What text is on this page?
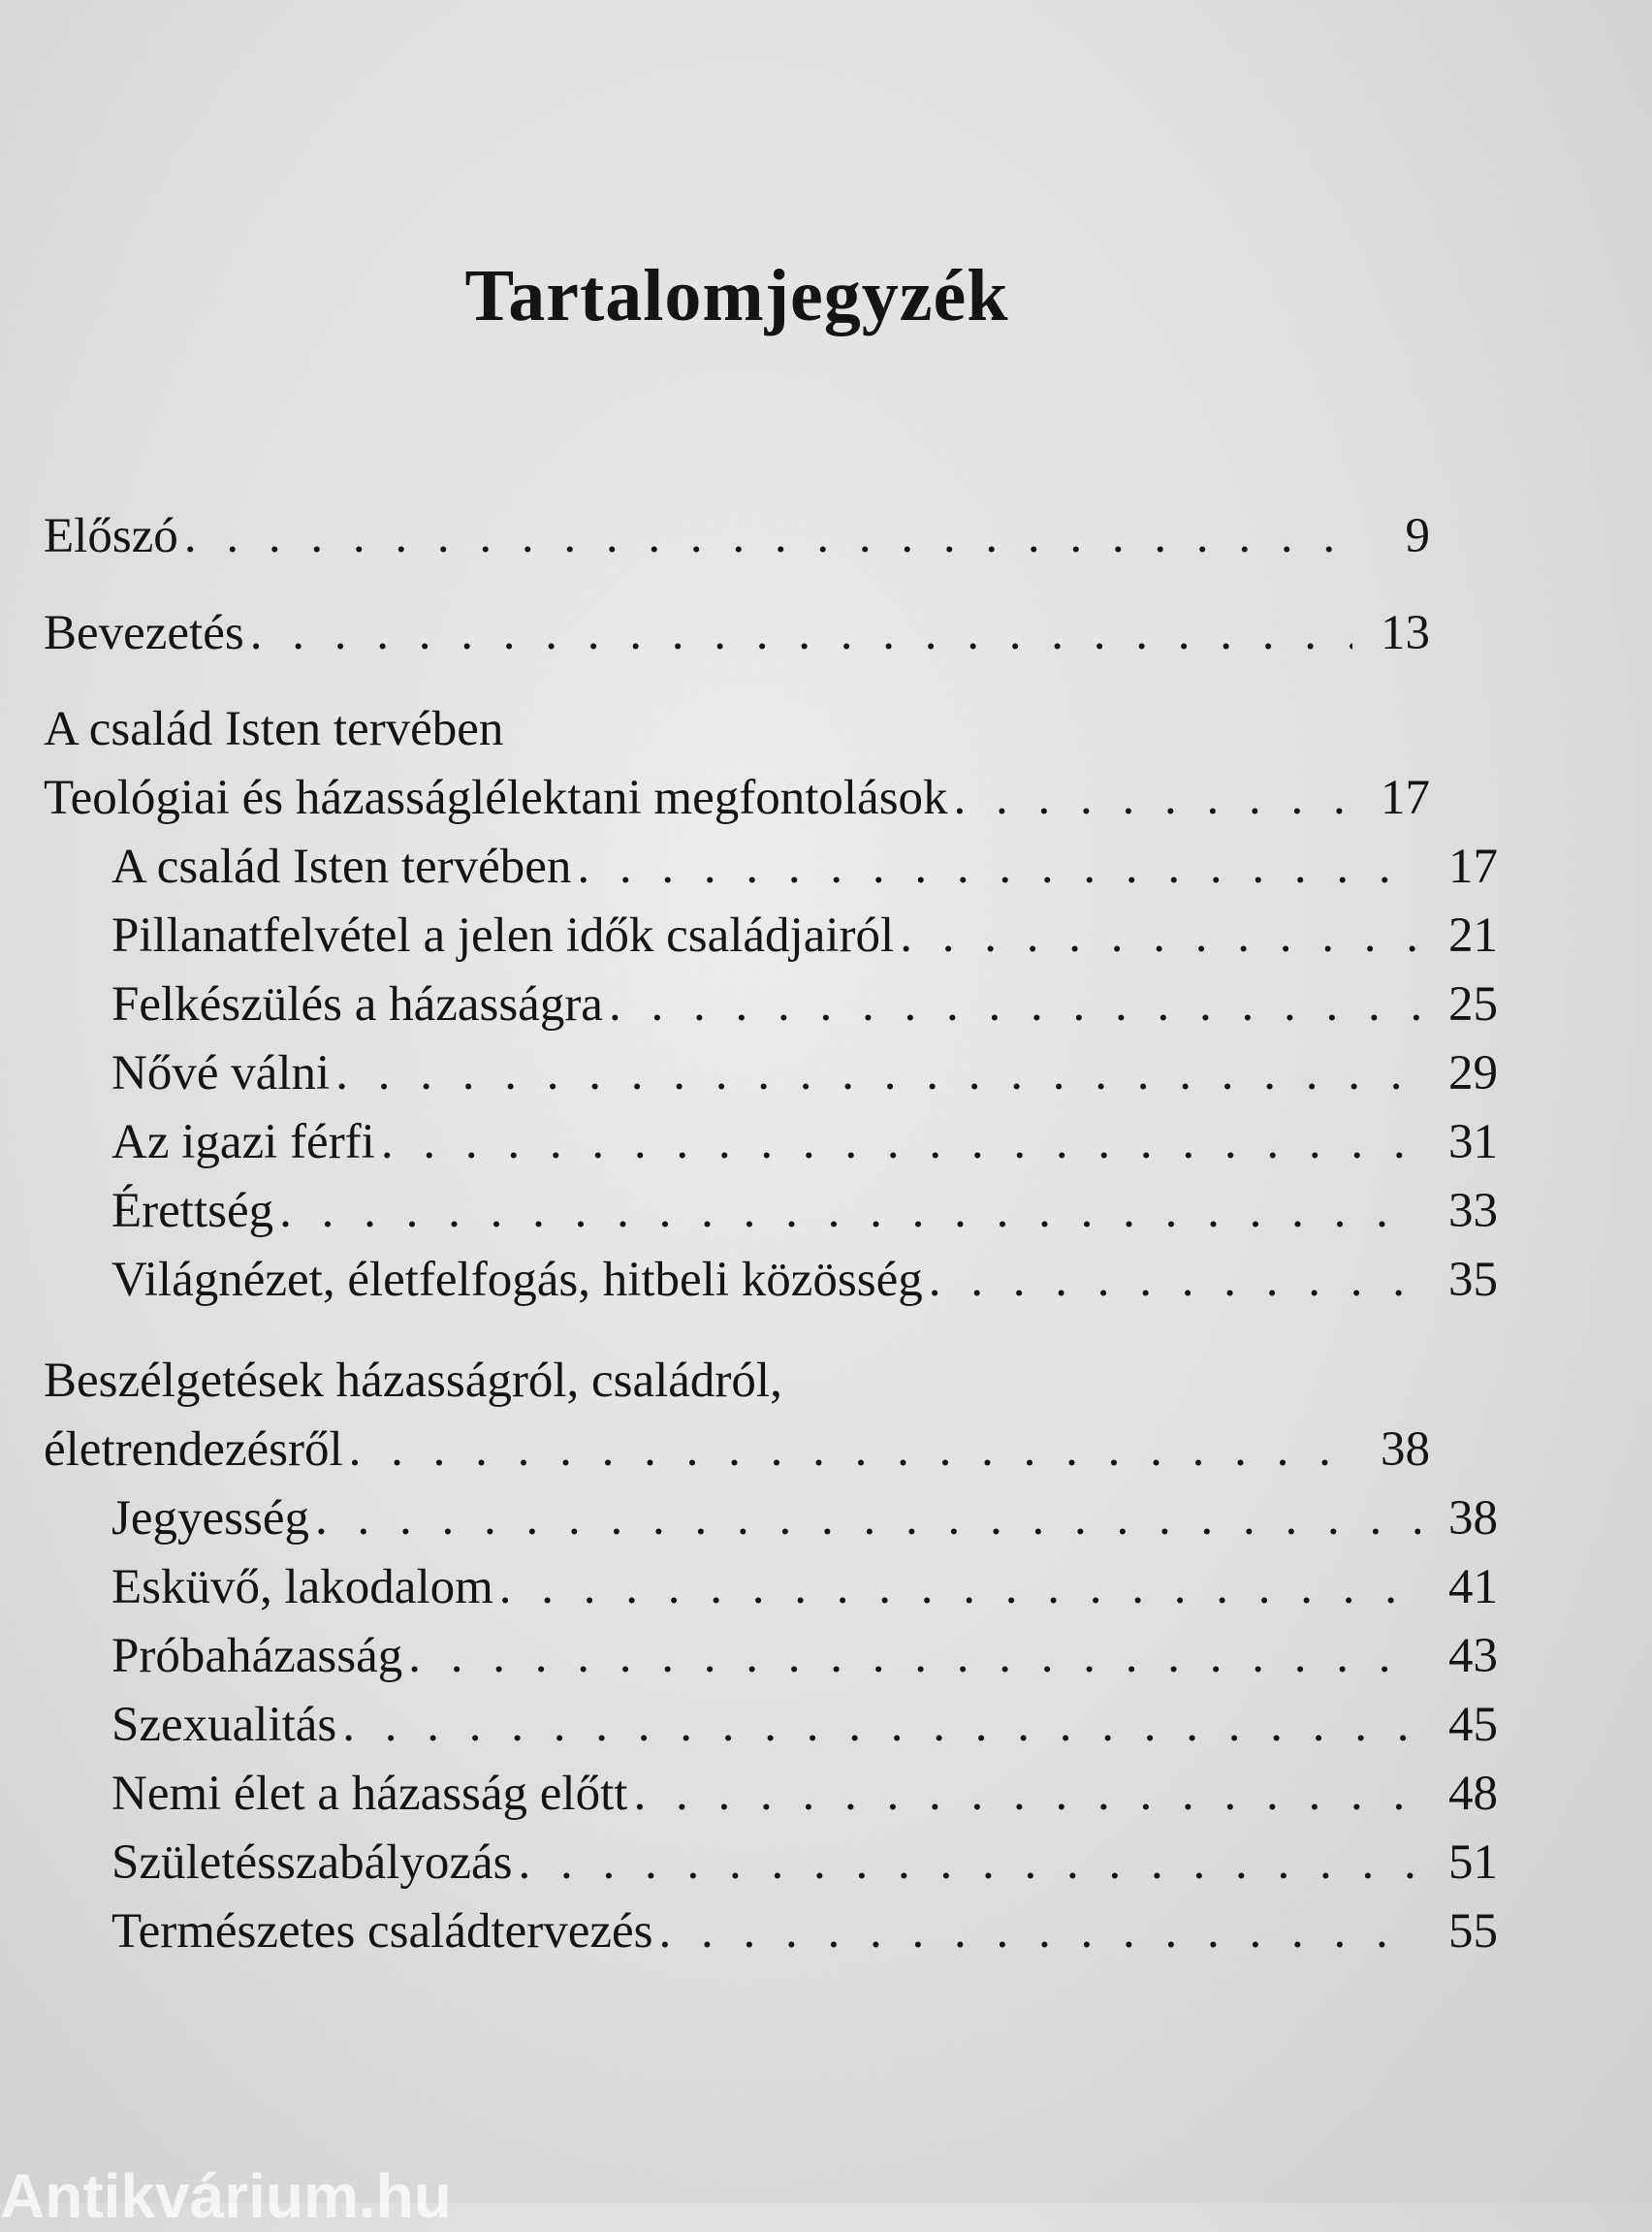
Tartalomjegyzék
Előszó . . .	9
Bevezetés . . .	13
A család Isten tervében
Teológiai és házasságlélektani megfontolások . . .	17
A család Isten tervében . . .	17
Pillanatfelvétel a jelen idők családjairól . . .	21
Felkészülés a házasságra . . .	25
Nővé válni . . .	29
Az igazi férfi . . .	31
Érettség . . .	33
Világnézet, életfelfogás, hitbeli közösség . . .	35
Beszélgetések házasságról, családról,
életrendezésről . . .	38
Jegyesség . . .	38
Esküvő, lakodalom . . .	41
Próbaházasság . . .	43
Szexualitás . . .	45
Nemi élet a házasság előtt . . .	48
Születésszabályozás . . .	51
Természetes családtervezés . . .	55
Antikvárium.hu
